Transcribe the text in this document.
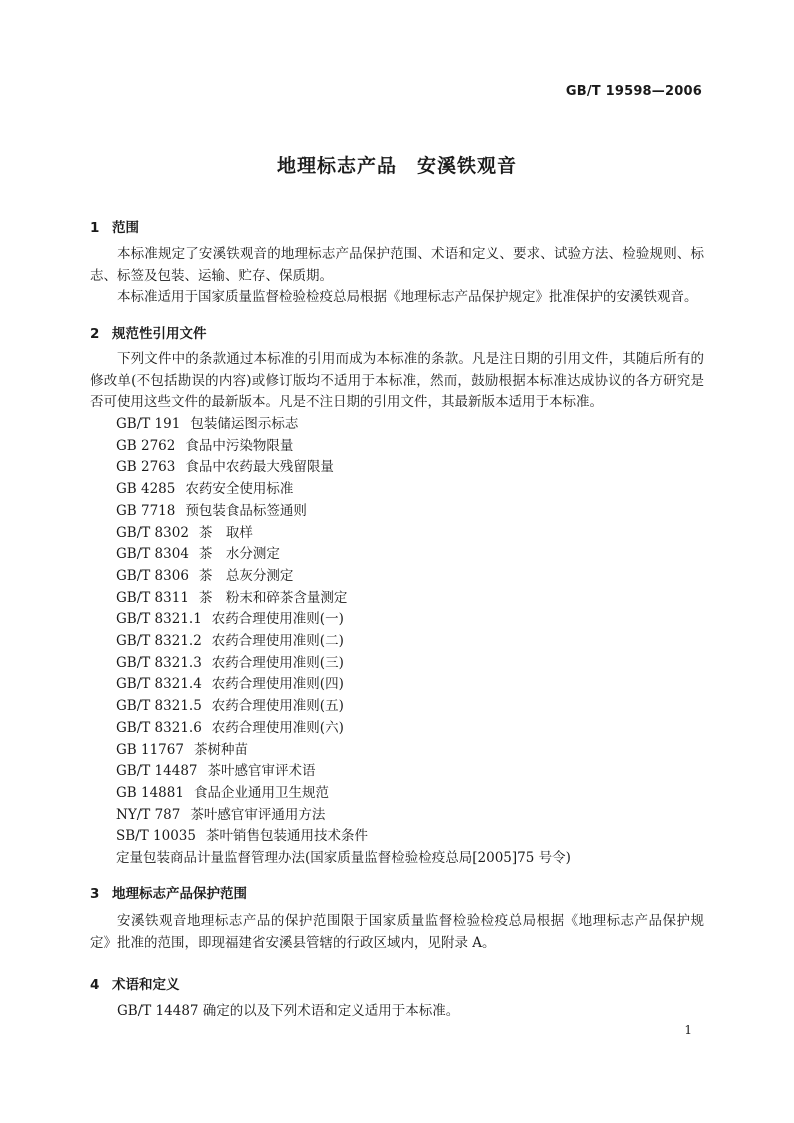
GB/T 19598—2006
地理标志产品　安溪铁观音
1 范围
本标准规定了安溪铁观音的地理标志产品保护范围、术语和定义、要求、试验方法、检验规则、标志、标签及包装、运输、贮存、保质期。
本标准适用于国家质量监督检验检疫总局根据《地理标志产品保护规定》批准保护的安溪铁观音。
2 规范性引用文件
下列文件中的条款通过本标准的引用而成为本标准的条款。凡是注日期的引用文件，其随后所有的修改单(不包括勘误的内容)或修订版均不适用于本标准，然而，鼓励根据本标准达成协议的各方研究是否可使用这些文件的最新版本。凡是不注日期的引用文件，其最新版本适用于本标准。
GB/T 191 包装储运图示标志
GB 2762 食品中污染物限量
GB 2763 食品中农药最大残留限量
GB 4285 农药安全使用标准
GB 7718 预包装食品标签通则
GB/T 8302 茶　取样
GB/T 8304 茶　水分测定
GB/T 8306 茶　总灰分测定
GB/T 8311 茶　粉末和碎茶含量测定
GB/T 8321.1 农药合理使用准则(一)
GB/T 8321.2 农药合理使用准则(二)
GB/T 8321.3 农药合理使用准则(三)
GB/T 8321.4 农药合理使用准则(四)
GB/T 8321.5 农药合理使用准则(五)
GB/T 8321.6 农药合理使用准则(六)
GB 11767 茶树种苗
GB/T 14487 茶叶感官审评术语
GB 14881 食品企业通用卫生规范
NY/T 787 茶叶感官审评通用方法
SB/T 10035 茶叶销售包装通用技术条件
定量包装商品计量监督管理办法(国家质量监督检验检疫总局[2005]75 号令)
3 地理标志产品保护范围
安溪铁观音地理标志产品的保护范围限于国家质量监督检验检疫总局根据《地理标志产品保护规定》批准的范围，即现福建省安溪县管辖的行政区域内，见附录 A。
4 术语和定义
GB/T 14487 确定的以及下列术语和定义适用于本标准。
1
